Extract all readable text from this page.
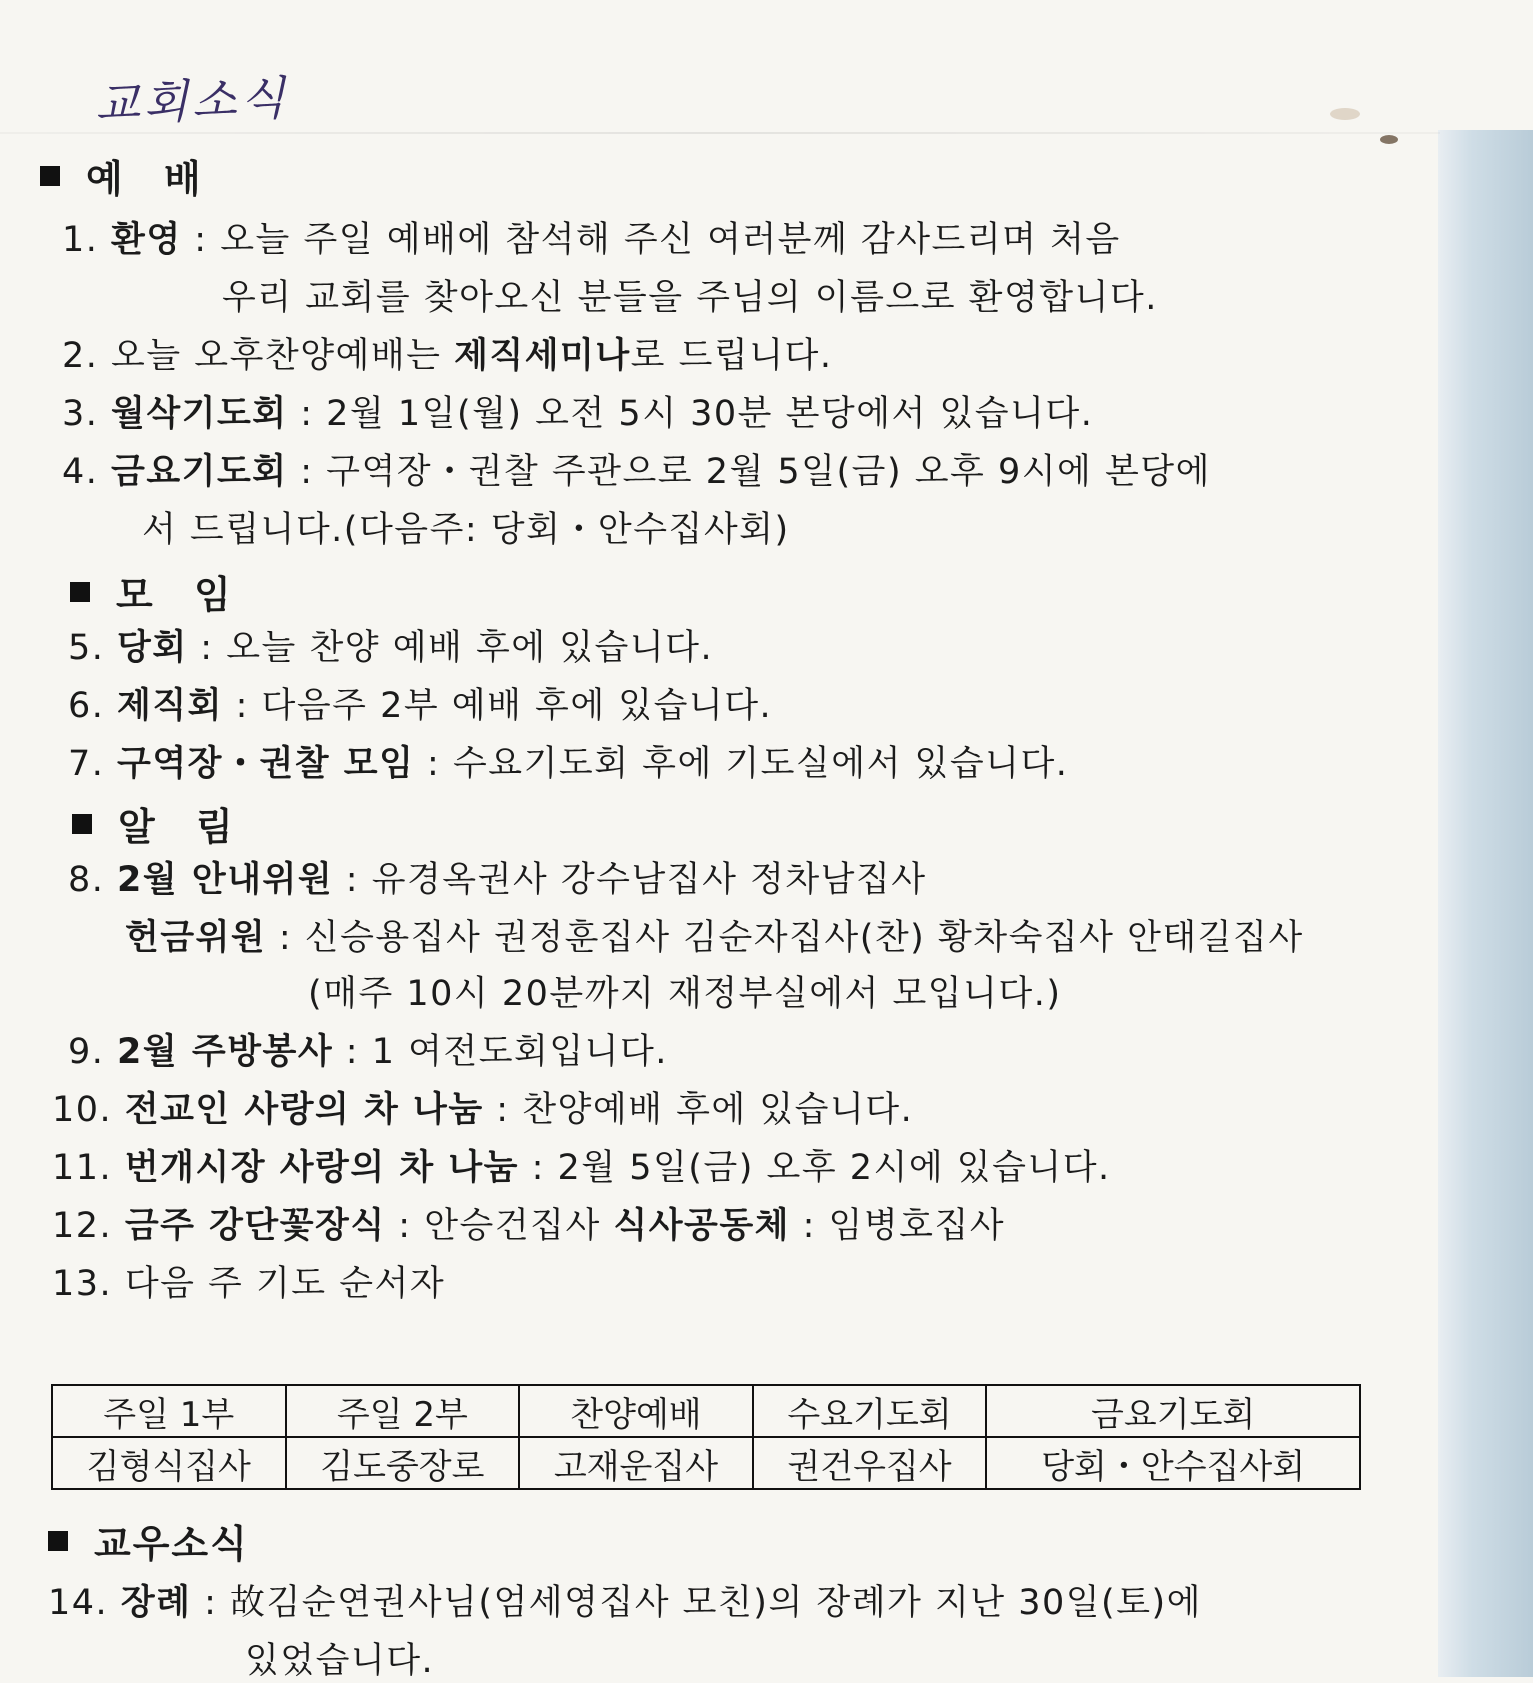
교회소식
예 배
1. 환영 : 오늘 주일 예배에 참석해 주신 여러분께 감사드리며 처음
우리 교회를 찾아오신 분들을 주님의 이름으로 환영합니다.
2. 오늘 오후찬양예배는 제직세미나로 드립니다.
3. 월삭기도회 : 2월 1일(월) 오전 5시 30분 본당에서 있습니다.
4. 금요기도회 : 구역장・권찰 주관으로 2월 5일(금) 오후 9시에 본당에
서 드립니다.(다음주: 당회・안수집사회)
모 임
5. 당회 : 오늘 찬양 예배 후에 있습니다.
6. 제직회 : 다음주 2부 예배 후에 있습니다.
7. 구역장・권찰 모임 : 수요기도회 후에 기도실에서 있습니다.
알 림
8. 2월 안내위원 : 유경옥권사 강수남집사 정차남집사
헌금위원 : 신승용집사 권정훈집사 김순자집사(찬) 황차숙집사 안태길집사
(매주 10시 20분까지 재정부실에서 모입니다.)
9. 2월 주방봉사 : 1 여전도회입니다.
10. 전교인 사랑의 차 나눔 : 찬양예배 후에 있습니다.
11. 번개시장 사랑의 차 나눔 : 2월 5일(금) 오후 2시에 있습니다.
12. 금주 강단꽃장식 : 안승건집사 식사공동체 : 임병호집사
13. 다음 주 기도 순서자
주일 1부	주일 2부	찬양예배	수요기도회	금요기도회
김형식집사	김도중장로	고재운집사	권건우집사	당회・안수집사회
교우소식
14. 장례 : 故김순연권사님(엄세영집사 모친)의 장례가 지난 30일(토)에
있었습니다.
